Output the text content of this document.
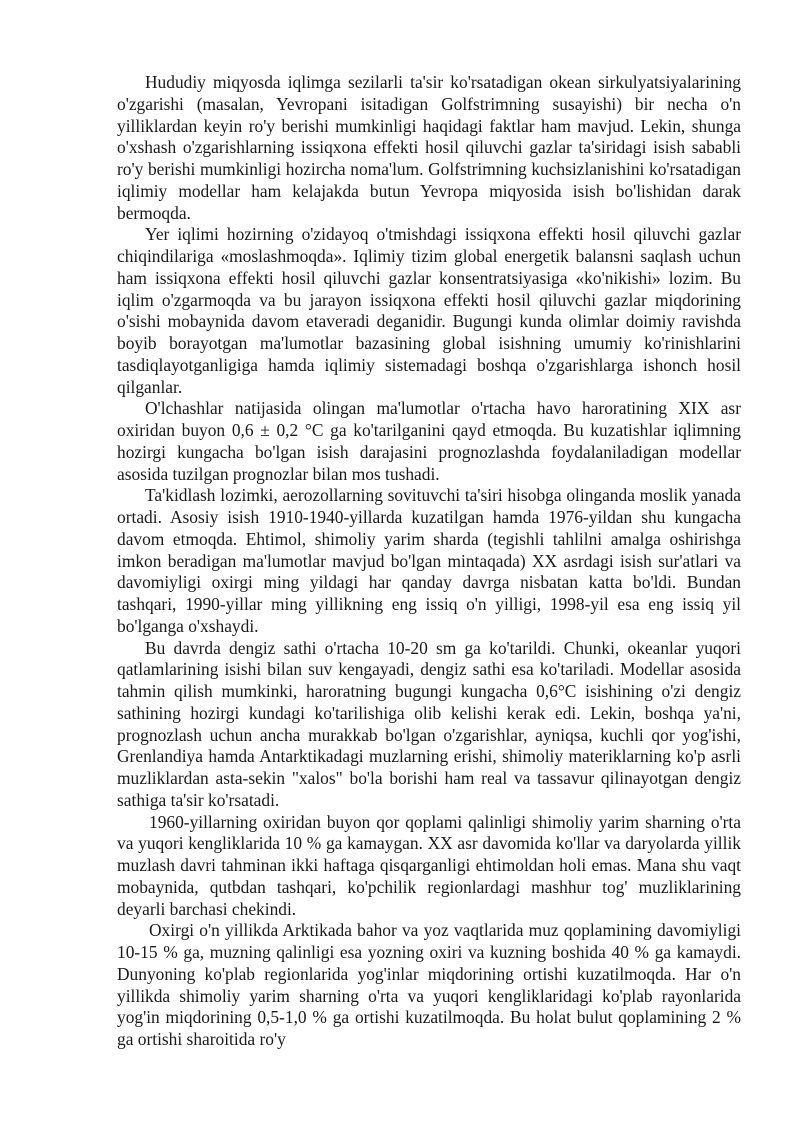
Hududiy miqyosda iqlimga sezilarli ta'sir ko'rsatadigan okean sirkulyatsiyalarining o'zgarishi (masalan, Yevropani isitadigan Golfstrimning susayishi) bir necha o'n yilliklardan keyin ro'y berishi mumkinligi haqidagi faktlar ham mavjud. Lekin, shunga o'xshash o'zgarishlarning issiqxona effekti hosil qiluvchi gazlar ta'siridagi isish sababli ro'y berishi mumkinligi hozircha noma'lum. Golfstrimning kuchsizlanishini ko'rsatadigan iqlimiy modellar ham kelajakda butun Yevropa miqyosida isish bo'lishidan darak bermoqda.

Yer iqlimi hozirning o'zidayoq o'tmishdagi issiqxona effekti hosil qiluvchi gazlar chiqindilariga «moslashmoqda». Iqlimiy tizim global energetik balansni saqlash uchun ham issiqxona effekti hosil qiluvchi gazlar konsentratsiyasiga «ko'nikishi» lozim. Bu iqlim o'zgarmoqda va bu jarayon issiqxona effekti hosil qiluvchi gazlar miqdorining o'sishi mobaynida davom etaveradi deganidir. Bugungi kunda olimlar doimiy ravishda boyib borayotgan ma'lumotlar bazasining global isishning umumiy ko'rinishlarini tasdiqlayotganligiga hamda iqlimiy sistemadagi boshqa o'zgarishlarga ishonch hosil qilganlar.

O'lchashlar natijasida olingan ma'lumotlar o'rtacha havo haroratining XIX asr oxiridan buyon 0,6 ± 0,2 °C ga ko'tarilganini qayd etmoqda. Bu kuzatishlar iqlimning hozirgi kungacha bo'lgan isish darajasini prognozlashda foydalaniladigan modellar asosida tuzilgan prognozlar bilan mos tushadi.

Ta'kidlash lozimki, aerozollarning sovituvchi ta'siri hisobga olinganda moslik yanada ortadi. Asosiy isish 1910-1940-yillarda kuzatilgan hamda 1976-yildan shu kungacha davom etmoqda. Ehtimol, shimoliy yarim sharda (tegishli tahlilni amalga oshirishga imkon beradigan ma'lumotlar mavjud bo'lgan mintaqada) XX asrdagi isish sur'atlari va davomiyligi oxirgi ming yildagi har qanday davrga nisbatan katta bo'ldi. Bundan tashqari, 1990-yillar ming yillikning eng issiq o'n yilligi, 1998-yil esa eng issiq yil bo'lganga o'xshaydi.

Bu davrda dengiz sathi o'rtacha 10-20 sm ga ko'tarildi. Chunki, okeanlar yuqori qatlamlarining isishi bilan suv kengayadi, dengiz sathi esa ko'tariladi. Modellar asosida tahmin qilish mumkinki, haroratning bugungi kungacha 0,6°C isishining o'zi dengiz sathining hozirgi kundagi ko'tarilishiga olib kelishi kerak edi. Lekin, boshqa ya'ni, prognozlash uchun ancha murakkab bo'lgan o'zgarishlar, ayniqsa, kuchli qor yog'ishi, Grenlandiya hamda Antarktikadagi muzlarning erishi, shimoliy materiklarning ko'p asrli muzliklardan asta-sekin "xalos" bo'la borishi ham real va tassavur qilinayotgan dengiz sathiga ta'sir ko'rsatadi.

1960-yillarning oxiridan buyon qor qoplami qalinligi shimoliy yarim sharning o'rta va yuqori kengliklarida 10 % ga kamaygan. XX asr davomida ko'llar va daryolarda yillik muzlash davri tahminan ikki haftaga qisqarganligi ehtimoldan holi emas. Mana shu vaqt mobaynida, qutbdan tashqari, ko'pchilik regionlardagi mashhur tog' muzliklarining deyarli barchasi chekindi.

Oxirgi o'n yillikda Arktikada bahor va yoz vaqtlarida muz qoplamining davomiyligi 10-15 % ga, muzning qalinligi esa yozning oxiri va kuzning boshida 40 % ga kamaydi. Dunyoning ko'plab regionlarida yog'inlar miqdorining ortishi kuzatilmoqda. Har o'n yillikda shimoliy yarim sharning o'rta va yuqori kengliklaridagi ko'plab rayonlarida yog'in miqdorining 0,5-1,0 % ga ortishi kuzatilmoqda. Bu holat bulut qoplamining 2 % ga ortishi sharoitida ro'y
